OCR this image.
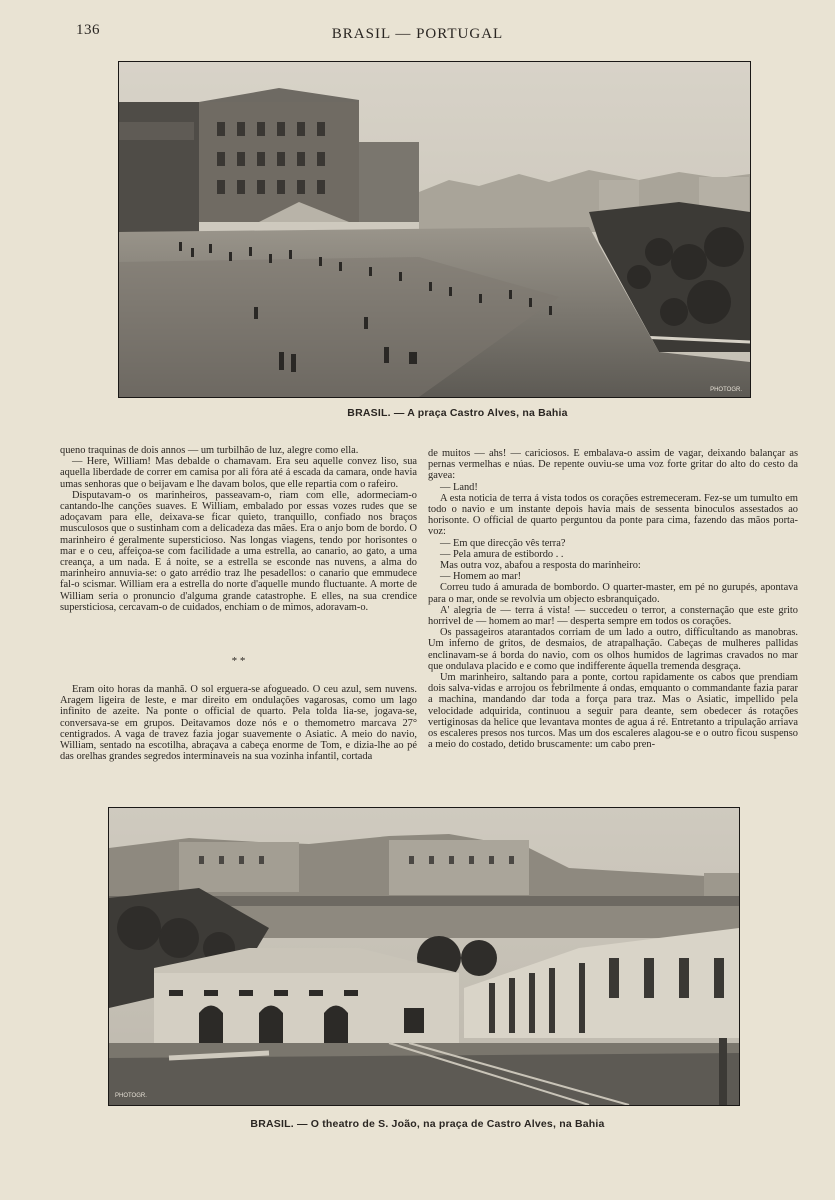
136	BRASIL — PORTUGAL
PHOTOGR.
BRASIL. — A praça Castro Alves, na Bahia

queno traquinas de dois annos — um turbilhão de luz, alegre como ella.

— Here, William! Mas debalde o chamavam. Era seu aquelle convez liso, sua aquella liberdade de correr em camisa por ali fóra até á escada da camara, onde havia umas senhoras que o beijavam e lhe davam bolos, que elle repartia com o rafeiro.

Disputavam-o os marinheiros, passeavam-o, riam com elle, adormeciam-o cantando-lhe canções suaves. E William, embalado por essas vozes rudes que se adoçavam para elle, deixava-se ficar quieto, tranquillo, confiado nos braços musculosos que o sustinham com a delicadeza das mães. Era o anjo bom de bordo. O marinheiro é geralmente supersticioso. Nas longas viagens, tendo por horisontes o mar e o ceu, affeiçoa-se com facilidade a uma estrella, ao canario, ao gato, a uma creança, a um nada. E á noite, se a estrella se esconde nas nuvens, a alma do marinheiro annuvia-se: o gato arrédio traz lhe pesadellos: o canario que emmudece fal-o scismar. William era a estrella do norte d'aquelle mundo fluctuante. A morte de William seria o pronuncio d'alguma grande catastrophe. E elles, na sua crendice supersticiosa, cercavam-o de cuidados, enchiam o de mimos, adoravam-o.

* *

Eram oito horas da manhã. O sol erguera-se afogueado. O ceu azul, sem nuvens. Aragem ligeira de leste, e mar direito em ondulações vagarosas, como um lago infinito de azeite. Na ponte o official de quarto. Pela tolda lia-se, jogava-se, conversava-se em grupos. Deitavamos doze nós e o themometro marcava 27° centigrados. A vaga de travez fazia jogar suavemente o Asiatic. A meio do navio, William, sentado na escotilha, abraçava a cabeça enorme de Tom, e dizia-lhe ao pé das orelhas grandes segredos interminaveis na sua vozinha infantil, cortada

de muitos — ahs! — cariciosos. E embalava-o assim de vagar, deixando balançar as pernas vermelhas e núas. De repente ouviu-se uma voz forte gritar do alto do cesto da gavea:

— Land!

A esta noticia de terra á vista todos os corações estremeceram. Fez-se um tumulto em todo o navio e um instante depois havia mais de sessenta binoculos assestados ao horisonte. O official de quarto perguntou da ponte para cima, fazendo das mãos porta-voz:

— Em que direcção vês terra?

— Pela amura de estibordo . .

Mas outra voz, abafou a resposta do marinheiro:

— Homem ao mar!

Correu tudo á amurada de bombordo. O quarter-master, em pé no gurupés, apontava para o mar, onde se revolvia um objecto esbranquiçado.

A' alegria de — terra á vista! — succedeu o terror, a consternação que este grito horrivel de — homem ao mar! — desperta sempre em todos os corações.

Os passageiros atarantados corriam de um lado a outro, difficultando as manobras. Um inferno de gritos, de desmaios, de atrapalhação. Cabeças de mulheres pallidas enclinavam-se á borda do navio, com os olhos humidos de lagrimas cravados no mar que ondulava placido e e como que indifferente áquella tremenda desgraça.

Um marinheiro, saltando para a ponte, cortou rapidamente os cabos que prendiam dois salva-vidas e arrojou os febrilmente á ondas, emquanto o commandante fazia parar a machina, mandando dar toda a força para traz. Mas o Asiatic, impellido pela velocidade adquirida, continuou a seguir para deante, sem obedecer ás rotações vertiginosas da helice que levantava montes de agua á ré. Entretanto a tripulação arriava os escaleres presos nos turcos. Mas um dos escaleres alagou-se e o outro ficou suspenso a meio do costado, detido bruscamente: um cabo pren-

PHOTOGR.
BRASIL. — O theatro de S. João, na praça de Castro Alves, na Bahia
